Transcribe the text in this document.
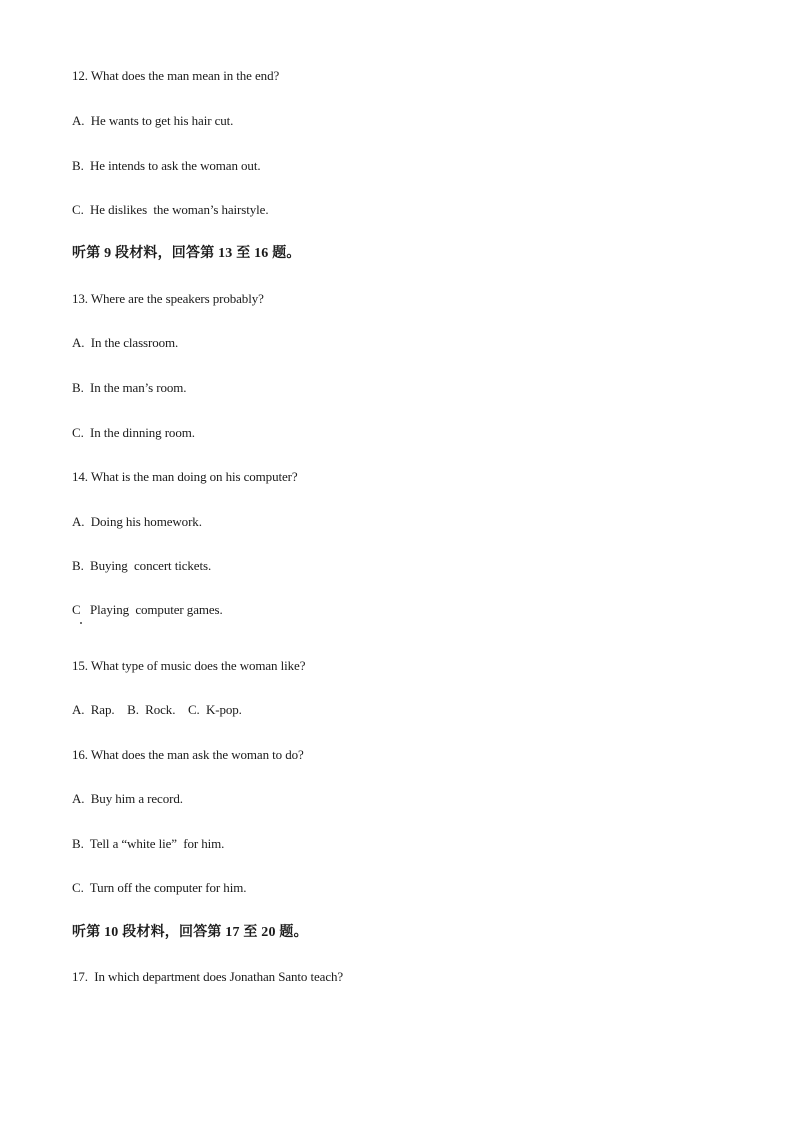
12. What does the man mean in the end?
A.  He wants to get his hair cut.
B.  He intends to ask the woman out.
C.  He dislikes  the woman’s hairstyle.
听第 9 段材料，回答第 13 至 16 题。
13. Where are the speakers probably?
A.  In the classroom.
B.  In the man’s room.
C.  In the dinning room.
14. What is the man doing on his computer?
A.  Doing his homework.
B.  Buying  concert tickets.
C   Playing  computer games.
15. What type of music does the woman like?
A.  Rap.    B.  Rock.    C.  K-pop.
16. What does the man ask the woman to do?
A.  Buy him a record.
B.  Tell a “white lie”  for him.
C.  Turn off the computer for him.
听第 10 段材料，回答第 17 至 20 题。
17.  In which department does Jonathan Santo teach?
